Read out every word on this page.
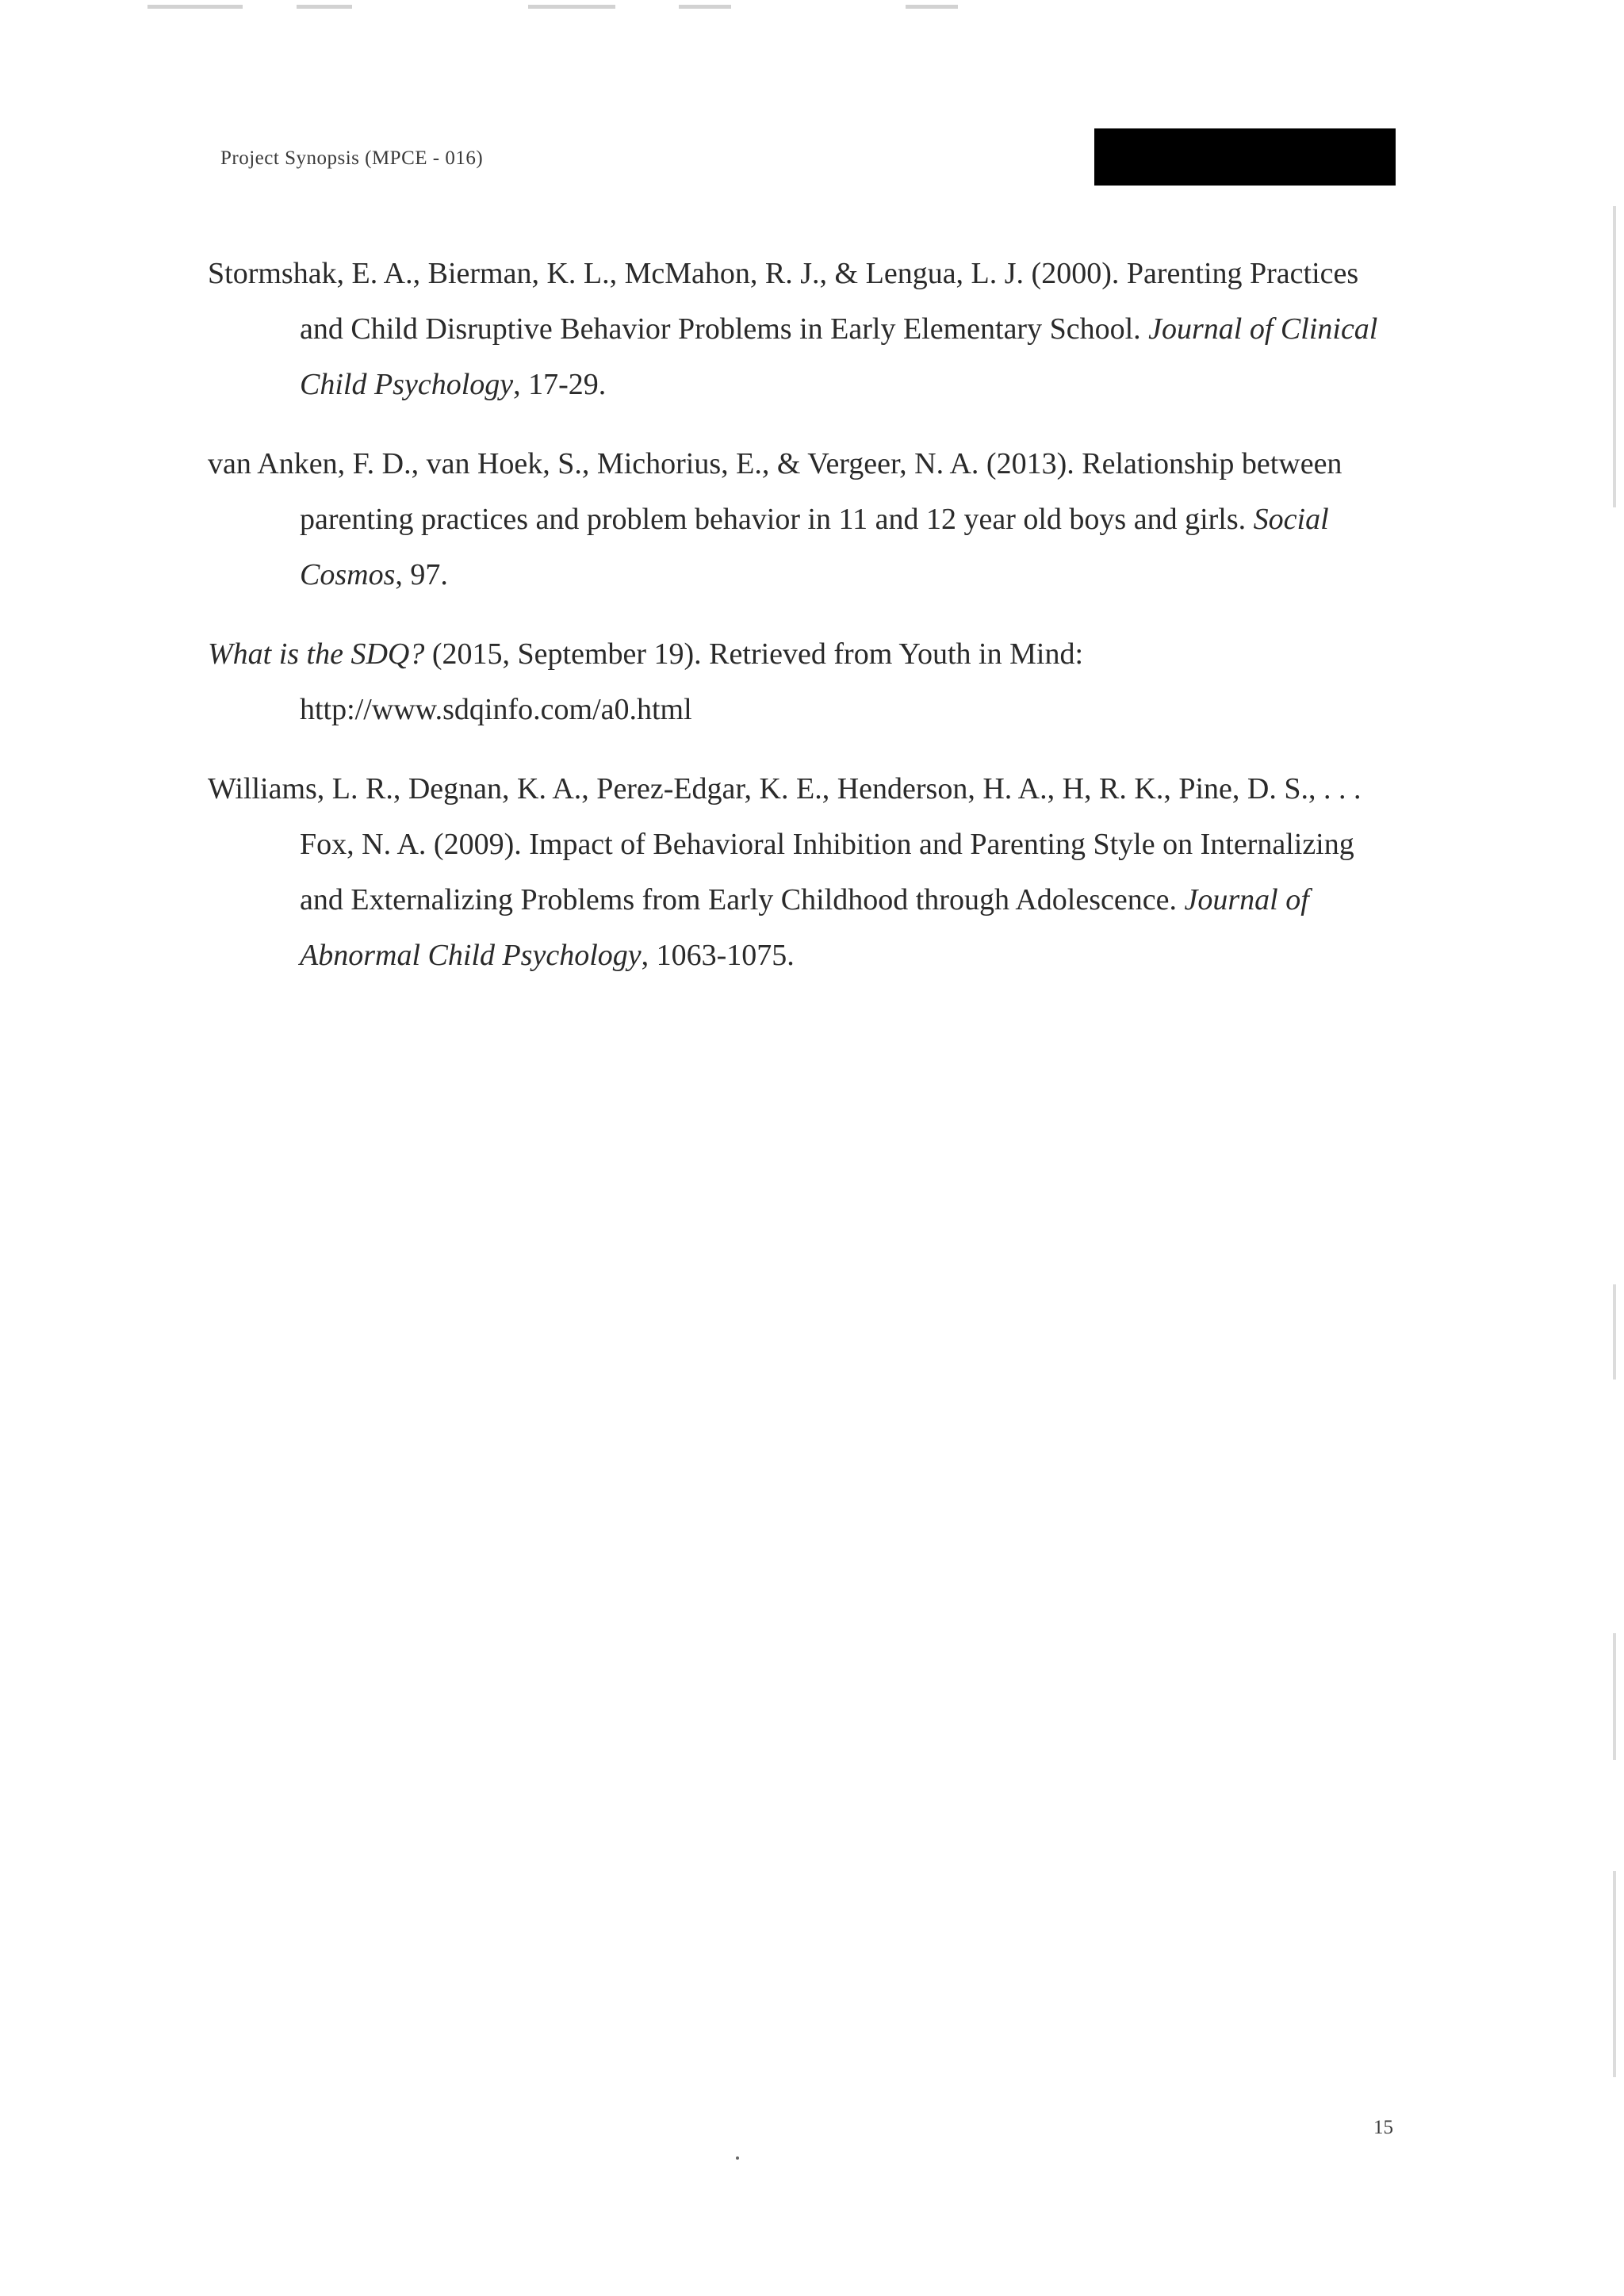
Project Synopsis (MPCE - 016)

Stormshak, E. A., Bierman, K. L., McMahon, R. J., & Lengua, L. J. (2000). Parenting Practices and Child Disruptive Behavior Problems in Early Elementary School. Journal of Clinical Child Psychology, 17-29.

van Anken, F. D., van Hoek, S., Michorius, E., & Vergeer, N. A. (2013). Relationship between parenting practices and problem behavior in 11 and 12 year old boys and girls. Social Cosmos, 97.

What is the SDQ? (2015, September 19). Retrieved from Youth in Mind: http://www.sdqinfo.com/a0.html

Williams, L. R., Degnan, K. A., Perez-Edgar, K. E., Henderson, H. A., H, R. K., Pine, D. S., . . . Fox, N. A. (2009). Impact of Behavioral Inhibition and Parenting Style on Internalizing and Externalizing Problems from Early Childhood through Adolescence. Journal of Abnormal Child Psychology, 1063-1075.

15
